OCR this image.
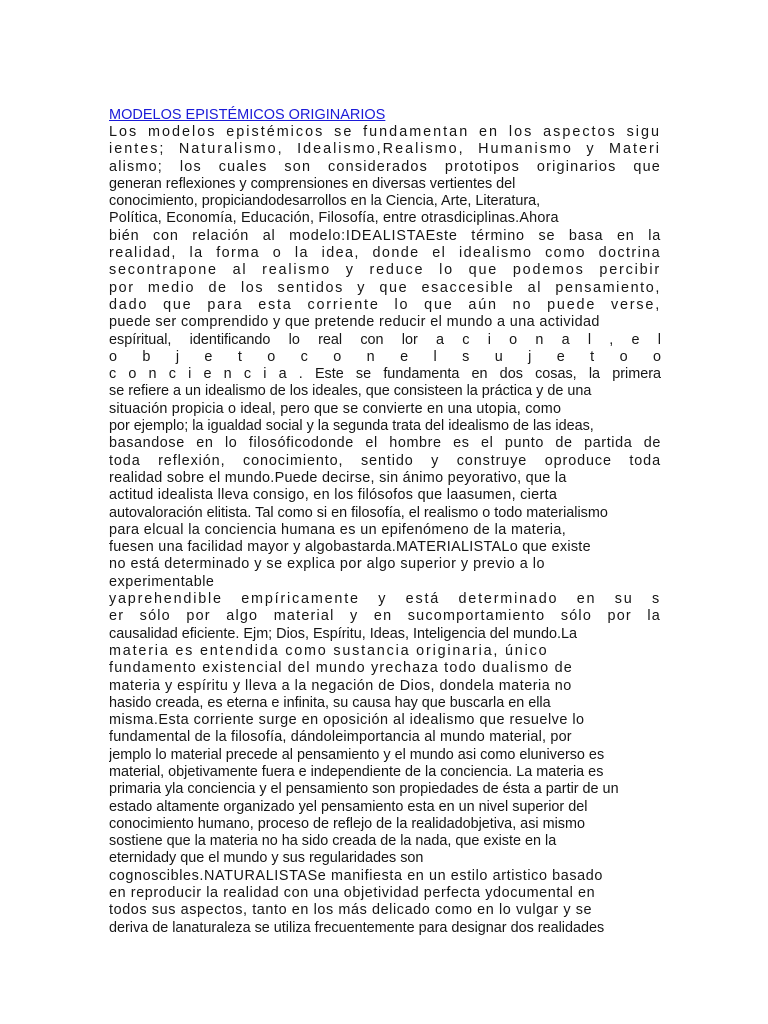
MODELOS EPISTÉMICOS ORIGINARIOS
Los modelos epistémicos se fundamentan en los aspectos sigu
ientes; Naturalismo, Idealismo,Realismo, Humanismo y Materi
alismo; los cuales son considerados prototipos originarios que
generan reflexiones y comprensiones en diversas vertientes del
conocimiento, propiciandodesarrollos en la Ciencia, Arte, Literatura,
Política, Economía, Educación, Filosofía, entre otrasdiciplinas.Ahora
bién con relación al modelo:IDEALISTAEste término se basa en la
realidad, la forma o la idea, donde el idealismo como doctrina
secontrapone al realismo y reduce lo que podemos percibir
por medio de los sentidos y que esaccesible al pensamiento,
dado que para esta corriente lo que aún no puede verse,
puede ser comprendido y que pretende reducir el mundo a una actividad
espíritual, identificando lo real con lor a c i o n a l , e l
o b j e t o c o n e l s u j e t o o
c o n c i e n c i a . Este se fundamenta en dos cosas, la primera
se refiere a un idealismo de los ideales, que consisteen la práctica y de una
situación propicia o ideal, pero que se convierte en una utopia, como
por ejemplo; la igualdad social y la segunda trata del idealismo de las ideas,
basandose en lo filosóficodonde el hombre es el punto de partida de
toda reflexión, conocimiento, sentido y construye oproduce toda
realidad sobre el mundo.Puede decirse, sin ánimo peyorativo, que la
actitud idealista lleva consigo, en los filósofos que laasumen, cierta
autovaloración elitista. Tal como si en filosofía, el realismo o todo materialismo
para elcual la conciencia humana es un epifenómeno de la materia,
fuesen una facilidad mayor y algobastarda.MATERIALISTALo que existe
no está determinado y se explica por algo superior y previo a lo
experimentable
yaprehendible empíricamente y está determinado en su s
er sólo por algo material y en sucomportamiento sólo por la
causalidad eficiente. Ejm; Dios, Espíritu, Ideas, Inteligencia del mundo.La
materia es entendida como sustancia originaria, único
fundamento existencial del mundo yrechaza todo dualismo de
materia y espíritu y lleva a la negación de Dios, dondela materia no
hasido creada, es eterna e infinita, su causa hay que buscarla en ella
misma.Esta corriente surge en oposición al idealismo que resuelve lo
fundamental de la filosofía, dándoleimportancia al mundo material, por
jemplo lo material precede al pensamiento y el mundo asi como eluniverso es
material, objetivamente fuera e independiente de la conciencia. La materia es
primaria yla conciencia y el pensamiento son propiedades de ésta a partir de un
estado altamente organizado yel pensamiento esta en un nivel superior del
conocimiento humano, proceso de reflejo de la realidadobjetiva, asi mismo
sostiene que la materia no ha sido creada de la nada, que existe en la
eternidady que el mundo y sus regularidades son
cognoscibles.NATURALISTASe manifiesta en un estilo artistico basado
en reproducir la realidad con una objetividad perfecta ydocumental en
todos sus aspectos, tanto en los más delicado como en lo vulgar y se
deriva de lanaturaleza se utiliza frecuentemente para designar dos realidades
